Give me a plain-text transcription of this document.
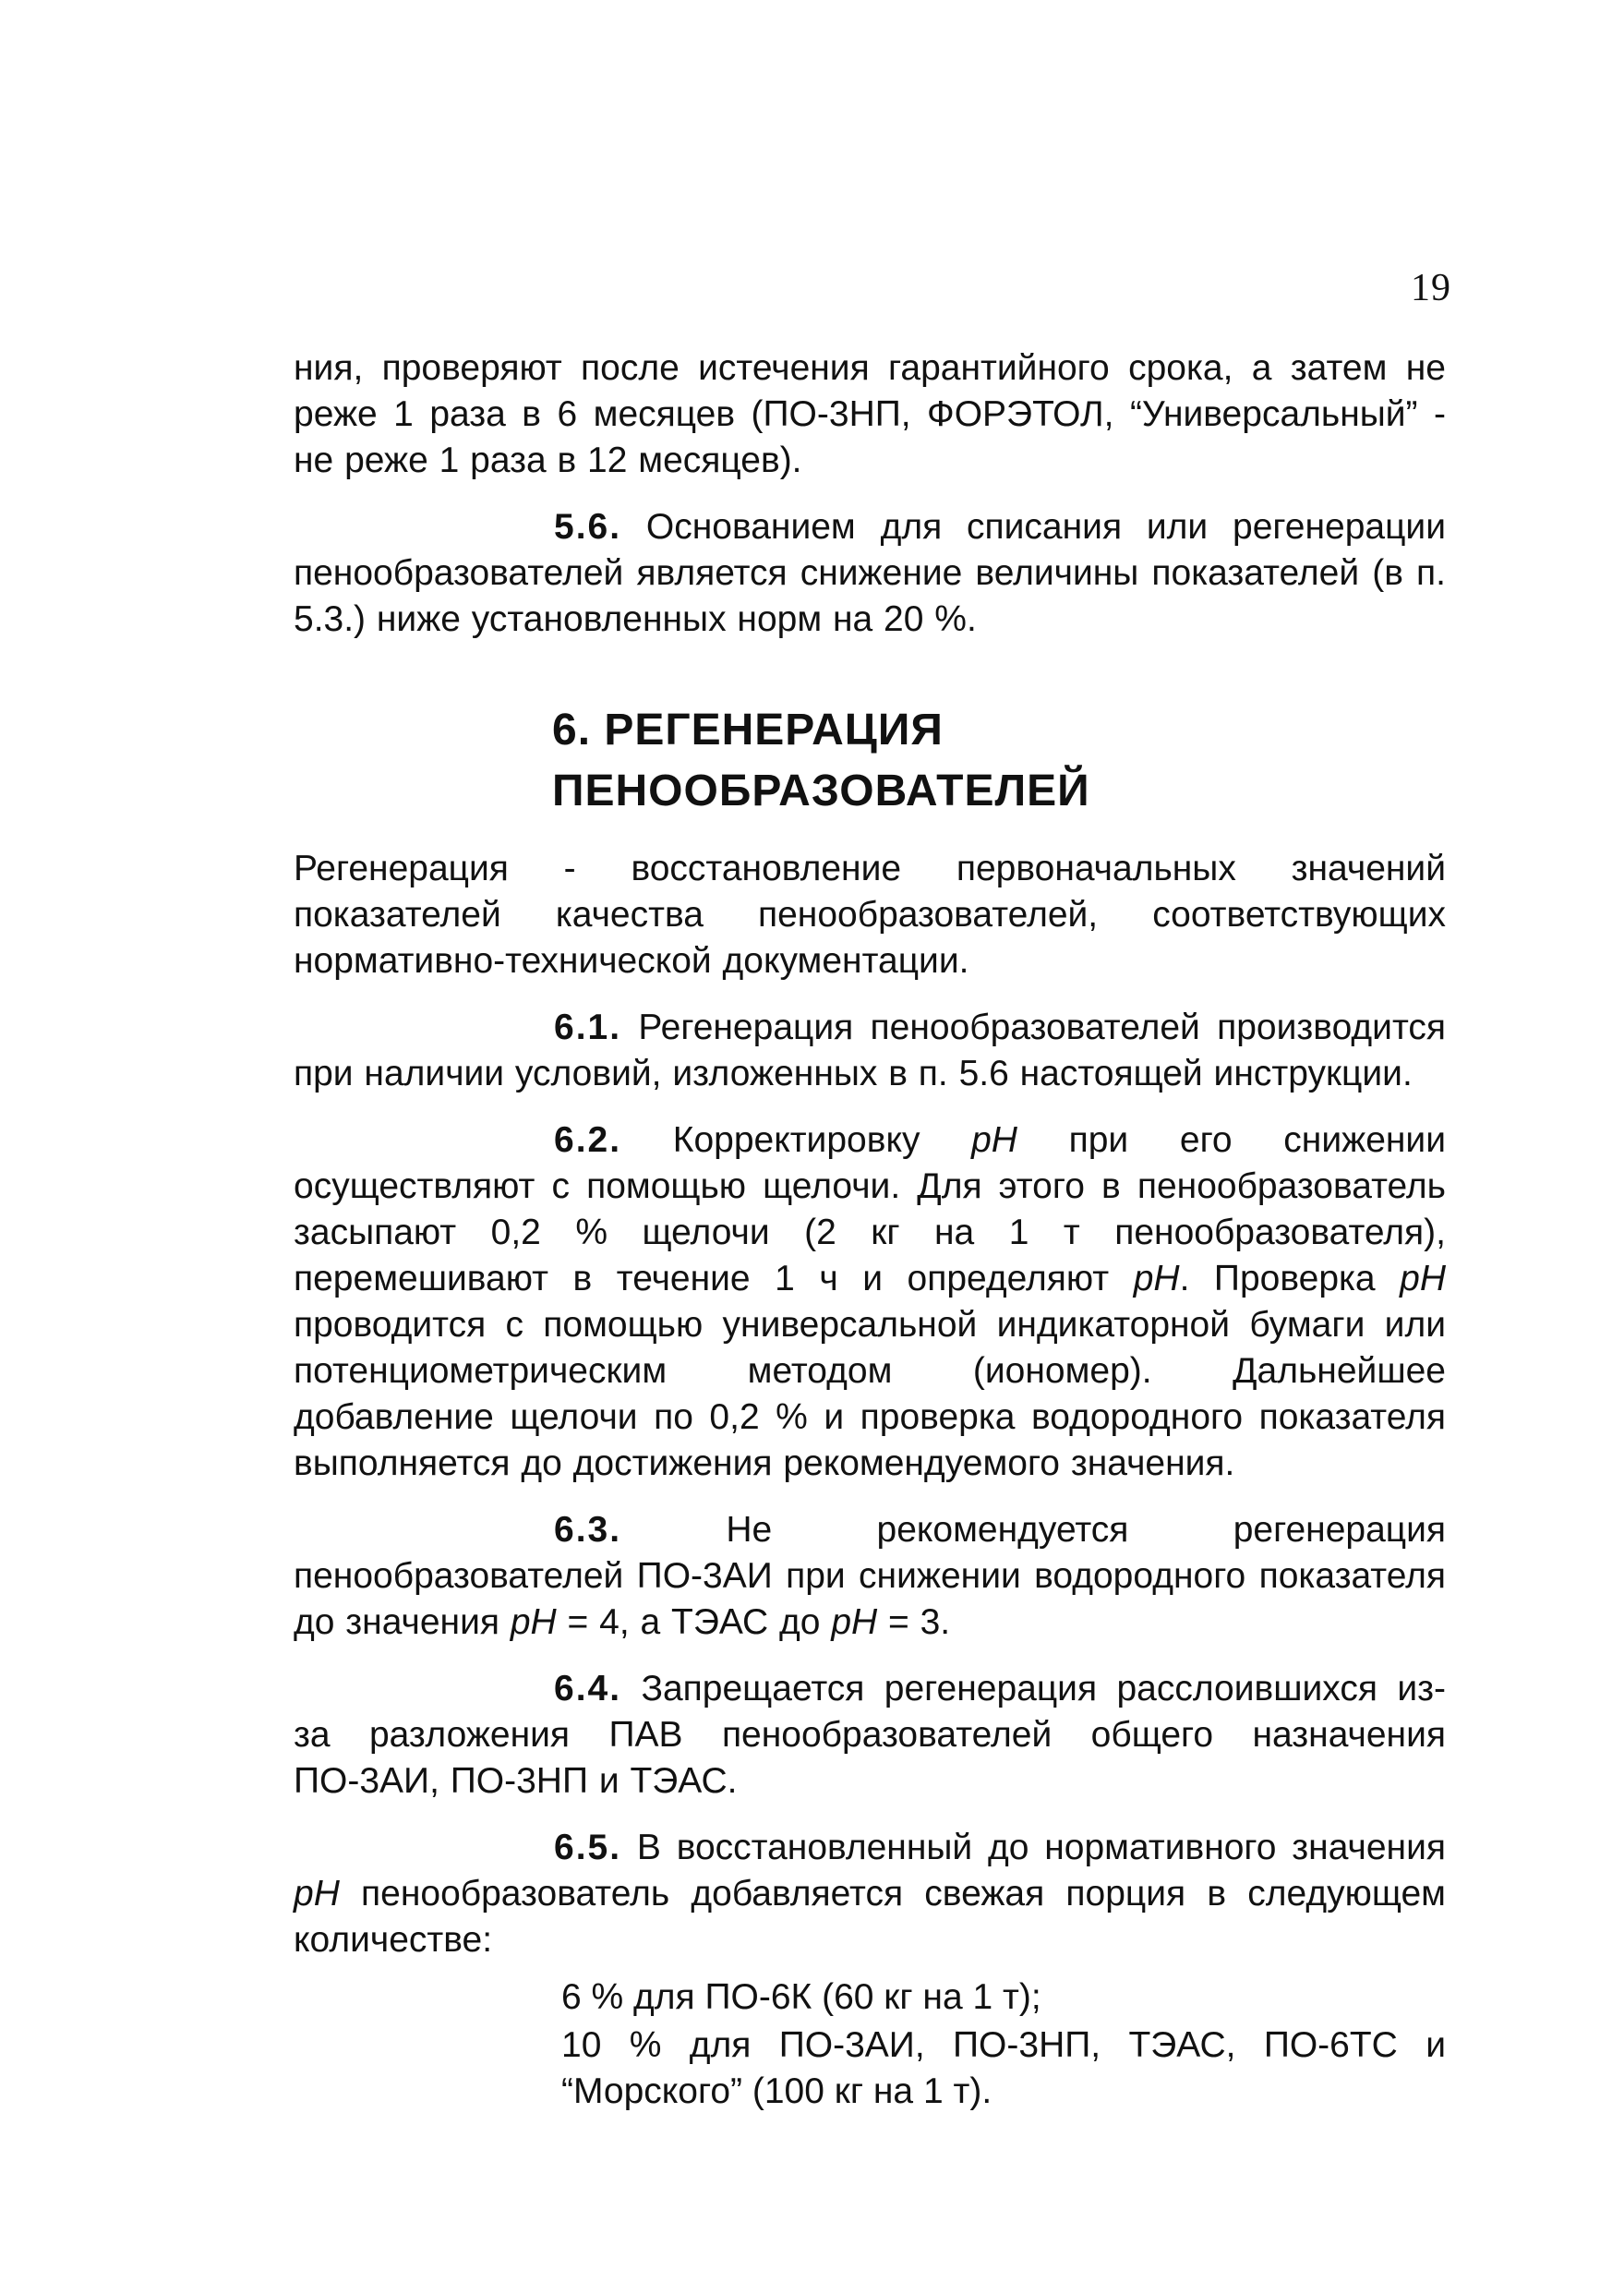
19

ния, проверяют после истечения гарантийного срока, а затем не реже 1 раза в 6 месяцев (ПО-3НП, ФОРЭТОЛ, “Универсальный” - не реже 1 раза в 12 месяцев).

5.6. Основанием для списания или регенерации пенообразователей является снижение величины показателей (в п. 5.3.) ниже установленных норм на 20 %.

6. РЕГЕНЕРАЦИЯ
ПЕНООБРАЗОВАТЕЛЕЙ

Регенерация - восстановление первоначальных значений показателей качества пенообразователей, соответствующих нормативно-технической документации.

6.1. Регенерация пенообразователей производится при наличии условий, изложенных в п. 5.6 настоящей инструкции.

6.2. Корректировку pH при его снижении осуществляют с помощью щелочи. Для этого в пенообразователь засыпают 0,2 % щелочи (2 кг на 1 т пенообразователя), перемешивают в течение 1 ч и определяют pH. Проверка pH проводится с помощью универсальной индикаторной бумаги или потенциометрическим методом (иономер). Дальнейшее добавление щелочи по 0,2 % и проверка водородного показателя выполняется до достижения рекомендуемого значения.

6.3. Не рекомендуется регенерация пенообразователей ПО-3АИ при снижении водородного показателя до значения pH = 4, а ТЭАС до pH = 3.

6.4. Запрещается регенерация расслоившихся из-за разложения ПАВ пенообразователей общего назначения ПО-3АИ, ПО-3НП и ТЭАС.

6.5. В восстановленный до нормативного значения pH пенообразователь добавляется свежая порция в следующем количестве:

6 % для ПО-6К (60 кг на 1 т);
10 % для ПО-3АИ, ПО-3НП, ТЭАС, ПО-6ТС и “Морского” (100 кг на 1 т).
